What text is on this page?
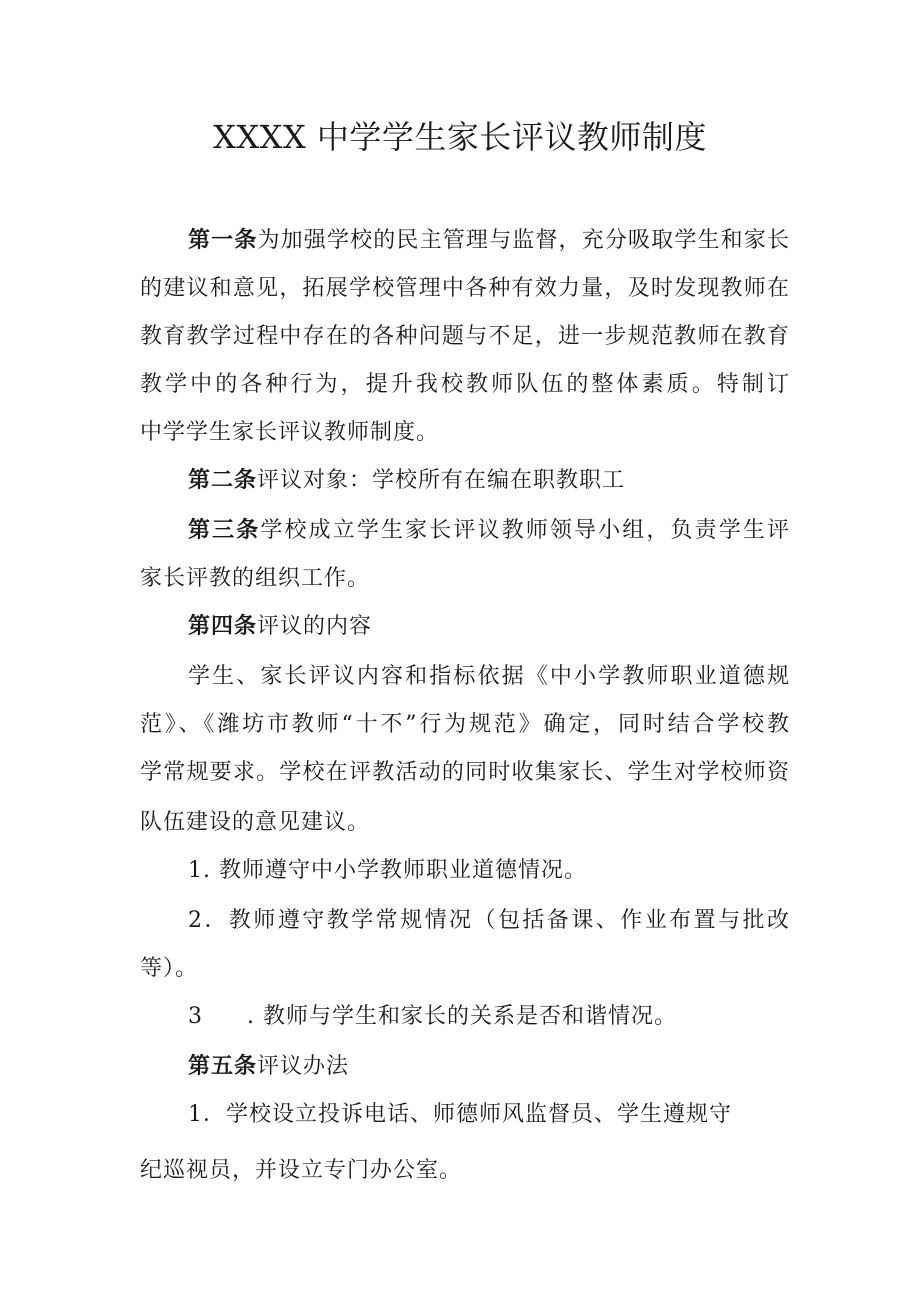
XXXX 中学学生家长评议教师制度
第一条为加强学校的民主管理与监督，充分吸取学生和家长
的建议和意见，拓展学校管理中各种有效力量，及时发现教师在
教育教学过程中存在的各种问题与不足，进一步规范教师在教育
教学中的各种行为，提升我校教师队伍的整体素质。特制订
中学学生家长评议教师制度。
第二条评议对象：学校所有在编在职教职工
第三条学校成立学生家长评议教师领导小组，负责学生评
家长评教的组织工作。
第四条评议的内容
学生、家长评议内容和指标依据《中小学教师职业道德规
范》、《潍坊市教师“十不”行为规范》确定，同时结合学校教
学常规要求。学校在评教活动的同时收集家长、学生对学校师资
队伍建设的意见建议。
1. 教师遵守中小学教师职业道德情况。
2．教师遵守教学常规情况（包括备课、作业布置与批改
等）。
3 . 教师与学生和家长的关系是否和谐情况。
第五条评议办法
1．学校设立投诉电话、师德师风监督员、学生遵规守
纪巡视员，并设立专门办公室。
